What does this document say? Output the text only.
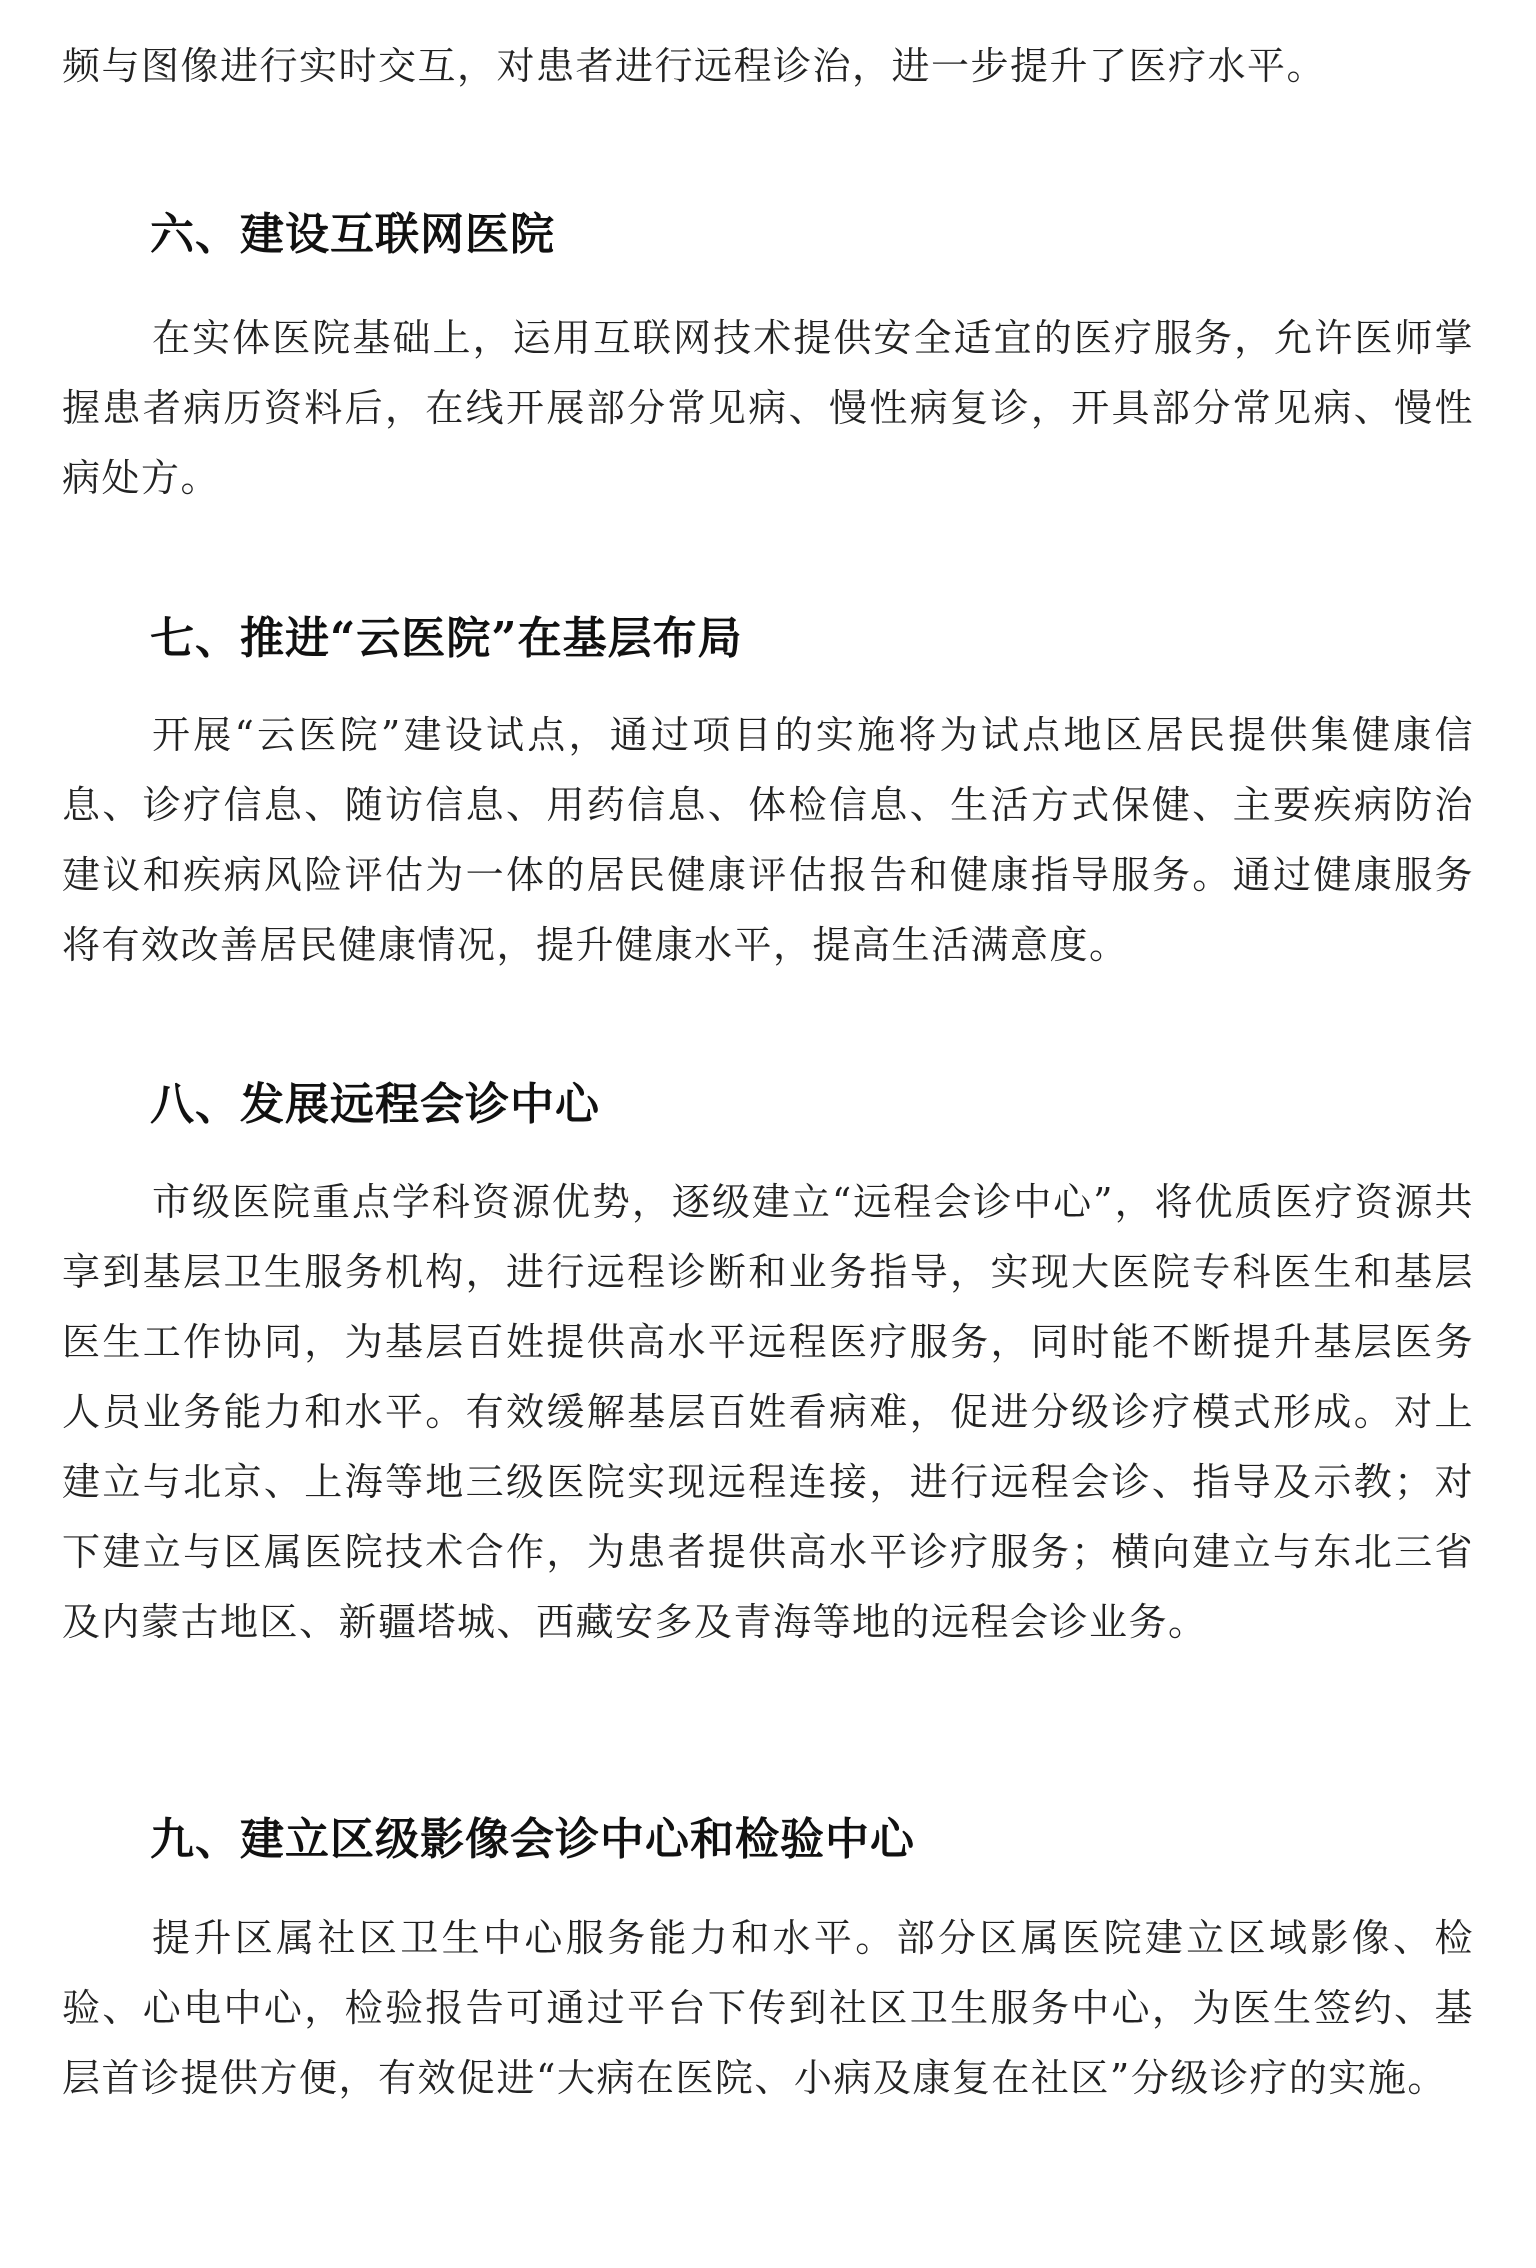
频与图像进行实时交互，对患者进行远程诊治，进一步提升了医疗水平。

六、建设互联网医院

在实体医院基础上，运用互联网技术提供安全适宜的医疗服务，允许医师掌握患者病历资料后，在线开展部分常见病、慢性病复诊，开具部分常见病、慢性病处方。

七、推进“云医院”在基层布局

开展“云医院”建设试点，通过项目的实施将为试点地区居民提供集健康信息、诊疗信息、随访信息、用药信息、体检信息、生活方式保健、主要疾病防治建议和疾病风险评估为一体的居民健康评估报告和健康指导服务。通过健康服务将有效改善居民健康情况，提升健康水平，提高生活满意度。

八、发展远程会诊中心

市级医院重点学科资源优势，逐级建立“远程会诊中心”，将优质医疗资源共享到基层卫生服务机构，进行远程诊断和业务指导，实现大医院专科医生和基层医生工作协同，为基层百姓提供高水平远程医疗服务，同时能不断提升基层医务人员业务能力和水平。有效缓解基层百姓看病难，促进分级诊疗模式形成。对上建立与北京、上海等地三级医院实现远程连接，进行远程会诊、指导及示教；对下建立与区属医院技术合作，为患者提供高水平诊疗服务；横向建立与东北三省及内蒙古地区、新疆塔城、西藏安多及青海等地的远程会诊业务。

九、建立区级影像会诊中心和检验中心

提升区属社区卫生中心服务能力和水平。部分区属医院建立区域影像、检验、心电中心，检验报告可通过平台下传到社区卫生服务中心，为医生签约、基层首诊提供方便，有效促进“大病在医院、小病及康复在社区”分级诊疗的实施。
